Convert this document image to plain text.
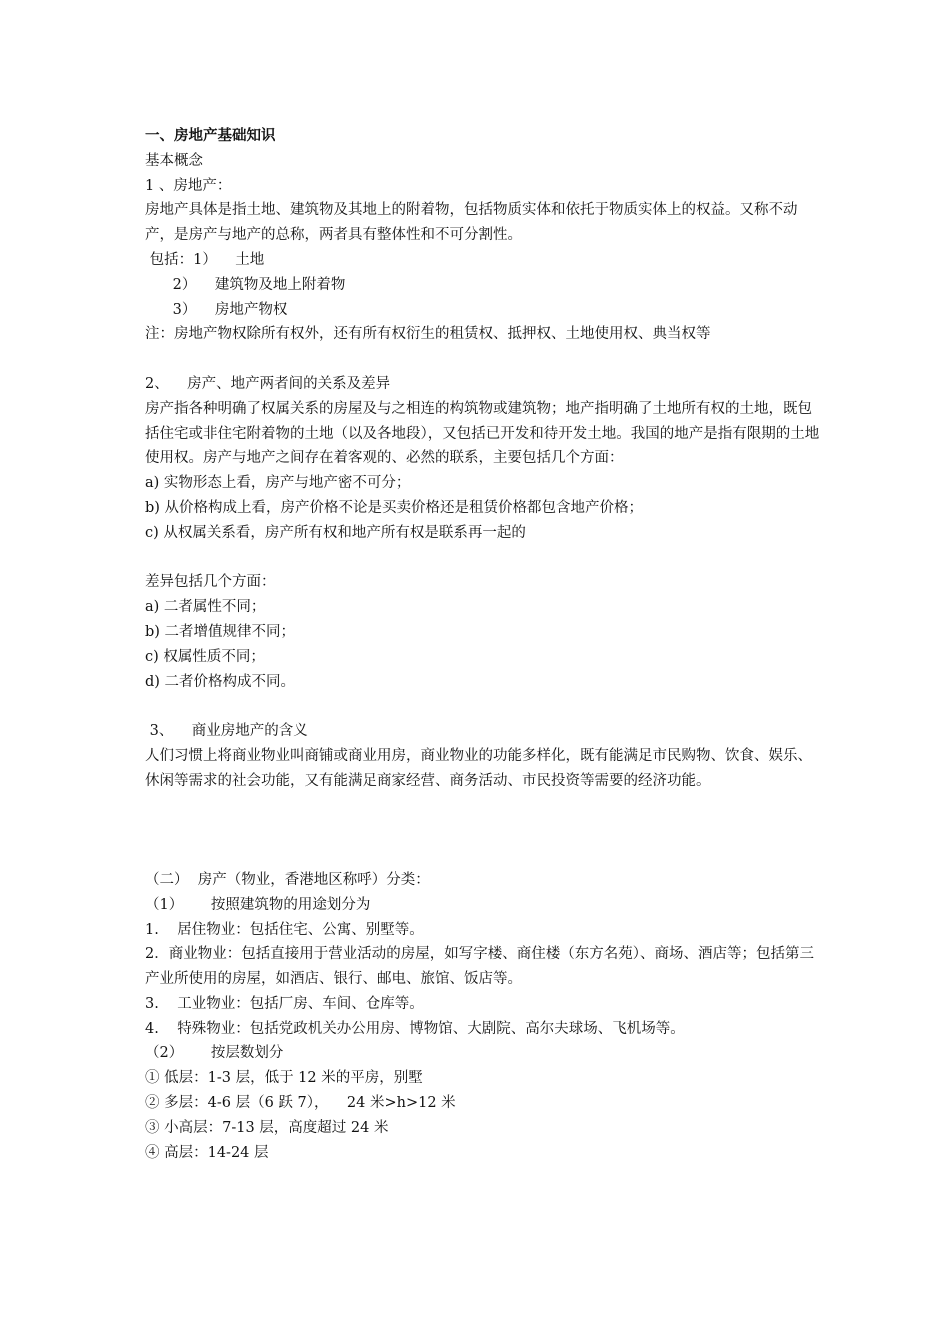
一、房地产基础知识
基本概念
1 、房地产：
房地产具体是指土地、建筑物及其地上的附着物，包括物质实体和依托于物质实体上的权益。又称不动产，是房产与地产的总称，两者具有整体性和不可分割性。
包括：1）    土地
2）    建筑物及地上附着物
3）    房地产物权
注：房地产物权除所有权外，还有所有权衍生的租赁权、抵押权、土地使用权、典当权等
2、    房产、地产两者间的关系及差异
房产指各种明确了权属关系的房屋及与之相连的构筑物或建筑物；地产指明确了土地所有权的土地，既包括住宅或非住宅附着物的土地（以及各地段），又包括已开发和待开发土地。我国的地产是指有限期的土地使用权。房产与地产之间存在着客观的、必然的联系，主要包括几个方面：
a) 实物形态上看，房产与地产密不可分；
b) 从价格构成上看，房产价格不论是买卖价格还是租赁价格都包含地产价格；
c) 从权属关系看，房产所有权和地产所有权是联系再一起的
差异包括几个方面：
a) 二者属性不同；
b) 二者增值规律不同；
c) 权属性质不同；
d) 二者价格构成不同。
3、    商业房地产的含义
人们习惯上将商业物业叫商铺或商业用房，商业物业的功能多样化，既有能满足市民购物、饮食、娱乐、休闲等需求的社会功能，又有能满足商家经营、商务活动、市民投资等需要的经济功能。
（二）  房产（物业，香港地区称呼）分类：
（1）      按照建筑物的用途划分为
1.    居住物业：包括住宅、公寓、别墅等。
2．商业物业：包括直接用于营业活动的房屋，如写字楼、商住楼（东方名苑）、商场、酒店等；包括第三产业所使用的房屋，如酒店、银行、邮电、旅馆、饭店等。
3.    工业物业：包括厂房、车间、仓库等。
4.    特殊物业：包括党政机关办公用房、博物馆、大剧院、高尔夫球场、飞机场等。
（2）      按层数划分
① 低层：1-3 层，低于 12 米的平房，别墅
② 多层：4-6 层（6 跃 7），    24 米>h>12 米
③ 小高层：7-13 层，高度超过 24 米
④ 高层：14-24 层
